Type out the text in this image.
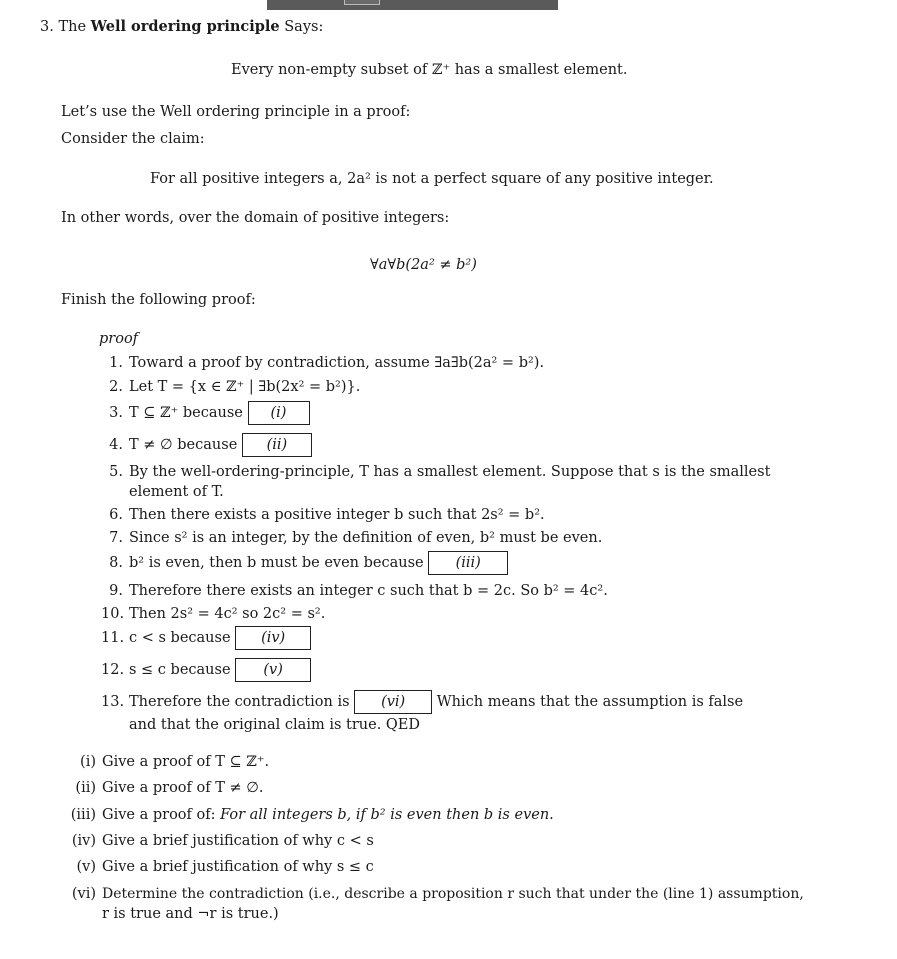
3. The Well ordering principle Says:
Every non-empty subset of ℤ⁺ has a smallest element.
Let’s use the Well ordering principle in a proof:
Consider the claim:
For all positive integers a, 2a² is not a perfect square of any positive integer.
In other words, over the domain of positive integers:
∀a∀b(2a² ≠ b²)
Finish the following proof:
proof
1. Toward a proof by contradiction, assume ∃a∃b(2a² = b²).
2. Let T = {x ∈ ℤ⁺ | ∃b(2x² = b²)}.
3. T ⊆ ℤ⁺ because (i)
4. T ≠ ∅ because (ii)
5. By the well-ordering-principle, T has a smallest element. Suppose that s is the smallest
element of T.
6. Then there exists a positive integer b such that 2s² = b².
7. Since s² is an integer, by the definition of even, b² must be even.
8. b² is even, then b must be even because (iii)
9. Therefore there exists an integer c such that b = 2c. So b² = 4c².
10. Then 2s² = 4c² so 2c² = s².
11. c < s because (iv)
12. s ≤ c because (v)
13. Therefore the contradiction is (vi) Which means that the assumption is false
and that the original claim is true. QED
(i) Give a proof of T ⊆ ℤ⁺.
(ii) Give a proof of T ≠ ∅.
(iii) Give a proof of: For all integers b, if b² is even then b is even.
(iv) Give a brief justification of why c < s
(v) Give a brief justification of why s ≤ c
(vi) Determine the contradiction (i.e., describe a proposition r such that under the (line 1) assumption,
r is true and ¬r is true.)
